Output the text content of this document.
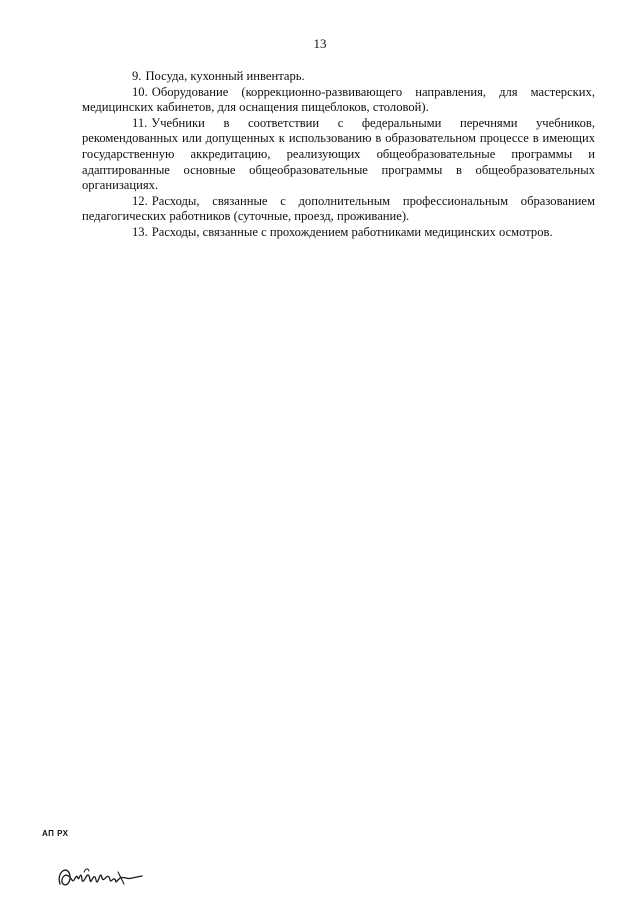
13

9. Посуда, кухонный инвентарь.

10. Оборудование (коррекционно-развивающего направления, для мастерских, медицинских кабинетов, для оснащения пищеблоков, столовой).

11. Учебники в соответствии с федеральными перечнями учебников, рекомендованных или допущенных к использованию в образовательном процессе в имеющих государственную аккредитацию, реализующих общеобразовательные программы и адаптированные основные общеобразовательные программы в общеобразовательных организациях.

12. Расходы, связанные с дополнительным профессиональным образованием педагогических работников (суточные, проезд, проживание).

13. Расходы, связанные с прохождением работниками медицинских осмотров.

АП РХ
